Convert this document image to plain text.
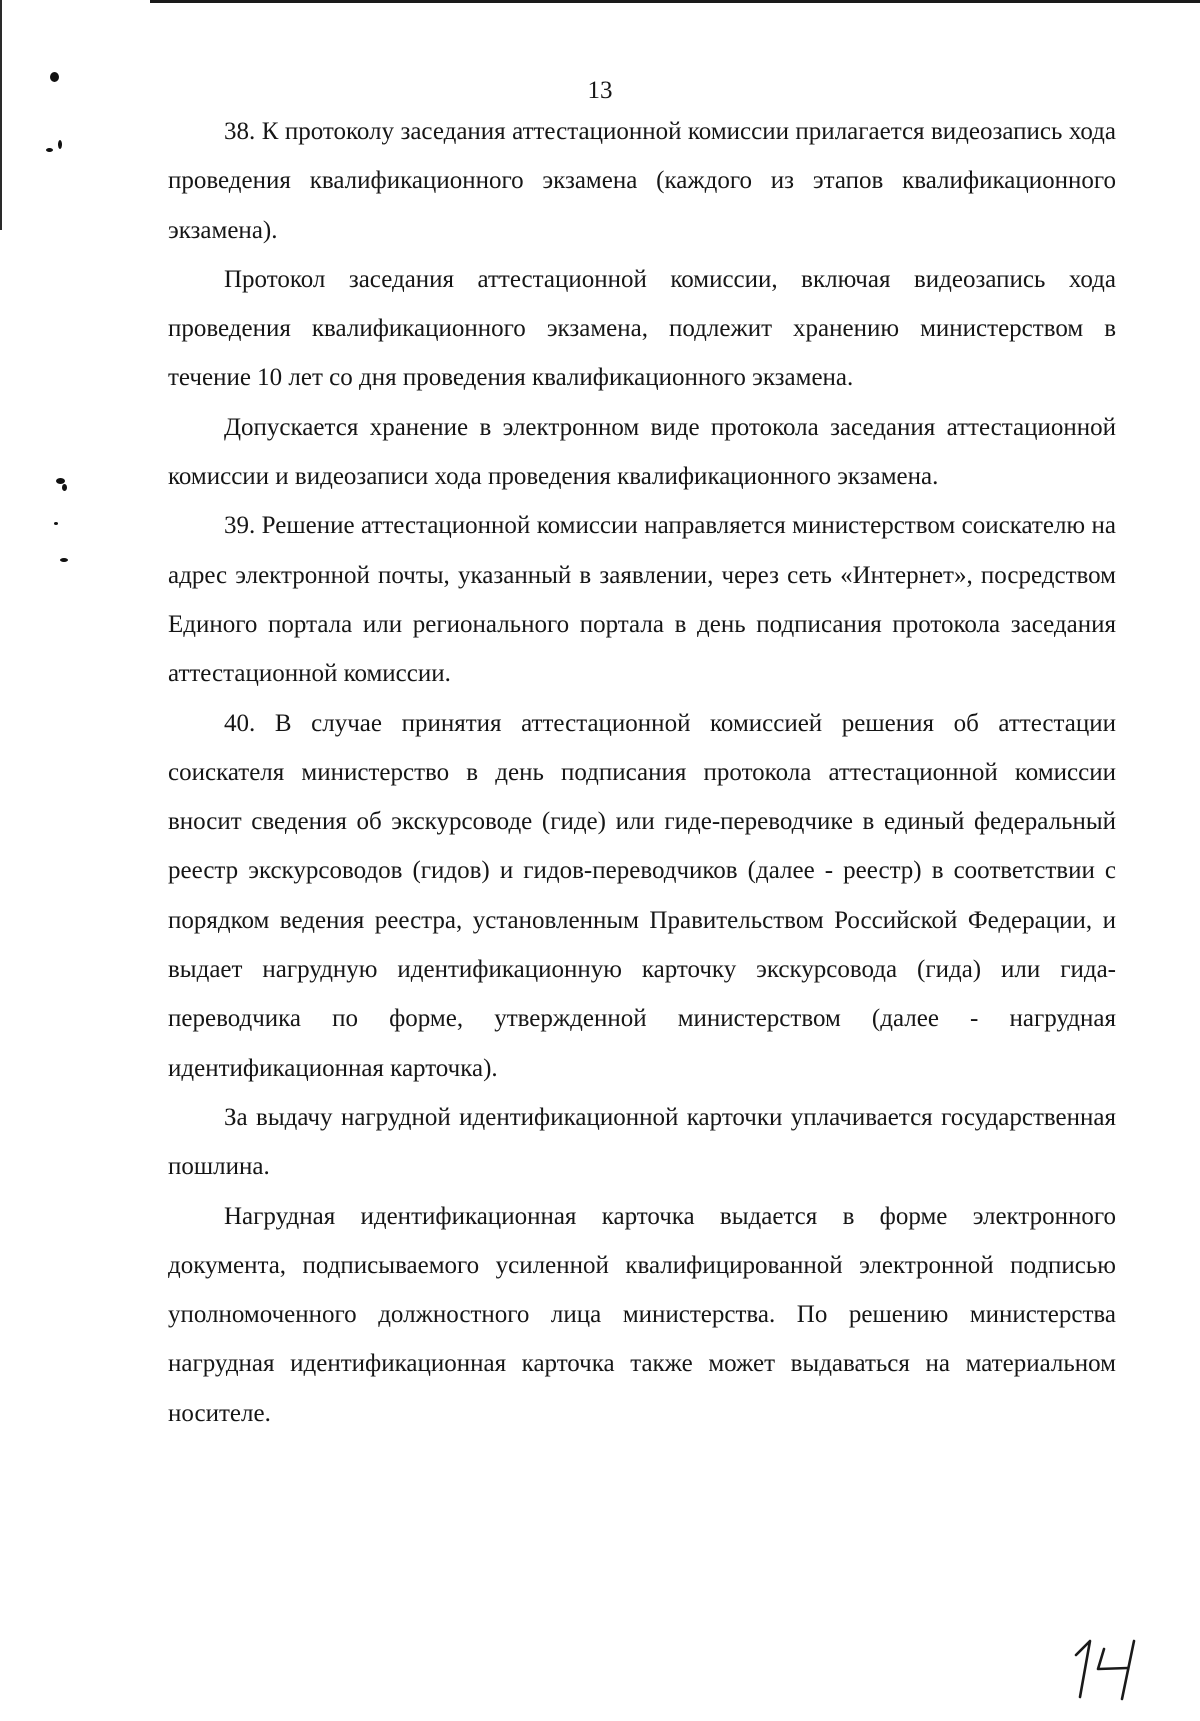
13

38. К протоколу заседания аттестационной комиссии прилагается видеозапись хода проведения квалификационного экзамена (каждого из этапов квалификационного экзамена).

Протокол заседания аттестационной комиссии, включая видеозапись хода проведения квалификационного экзамена, подлежит хранению министерством в течение 10 лет со дня проведения квалификационного экзамена.

Допускается хранение в электронном виде протокола заседания аттестационной комиссии и видеозаписи хода проведения квалификационного экзамена.

39. Решение аттестационной комиссии направляется министерством соискателю на адрес электронной почты, указанный в заявлении, через сеть «Интернет», посредством Единого портала или регионального портала в день подписания протокола заседания аттестационной комиссии.

40. В случае принятия аттестационной комиссией решения об аттестации соискателя министерство в день подписания протокола аттестационной комиссии вносит сведения об экскурсоводе (гиде) или гиде-переводчике в единый федеральный реестр экскурсоводов (гидов) и гидов-переводчиков (далее - реестр) в соответствии с порядком ведения реестра, установленным Правительством Российской Федерации, и выдает нагрудную идентификационную карточку экскурсовода (гида) или гида-переводчика по форме, утвержденной министерством (далее - нагрудная идентификационная карточка).

За выдачу нагрудной идентификационной карточки уплачивается государственная пошлина.

Нагрудная идентификационная карточка выдается в форме электронного документа, подписываемого усиленной квалифицированной электронной подписью уполномоченного должностного лица министерства. По решению министерства нагрудная идентификационная карточка также может выдаваться на материальном носителе.
